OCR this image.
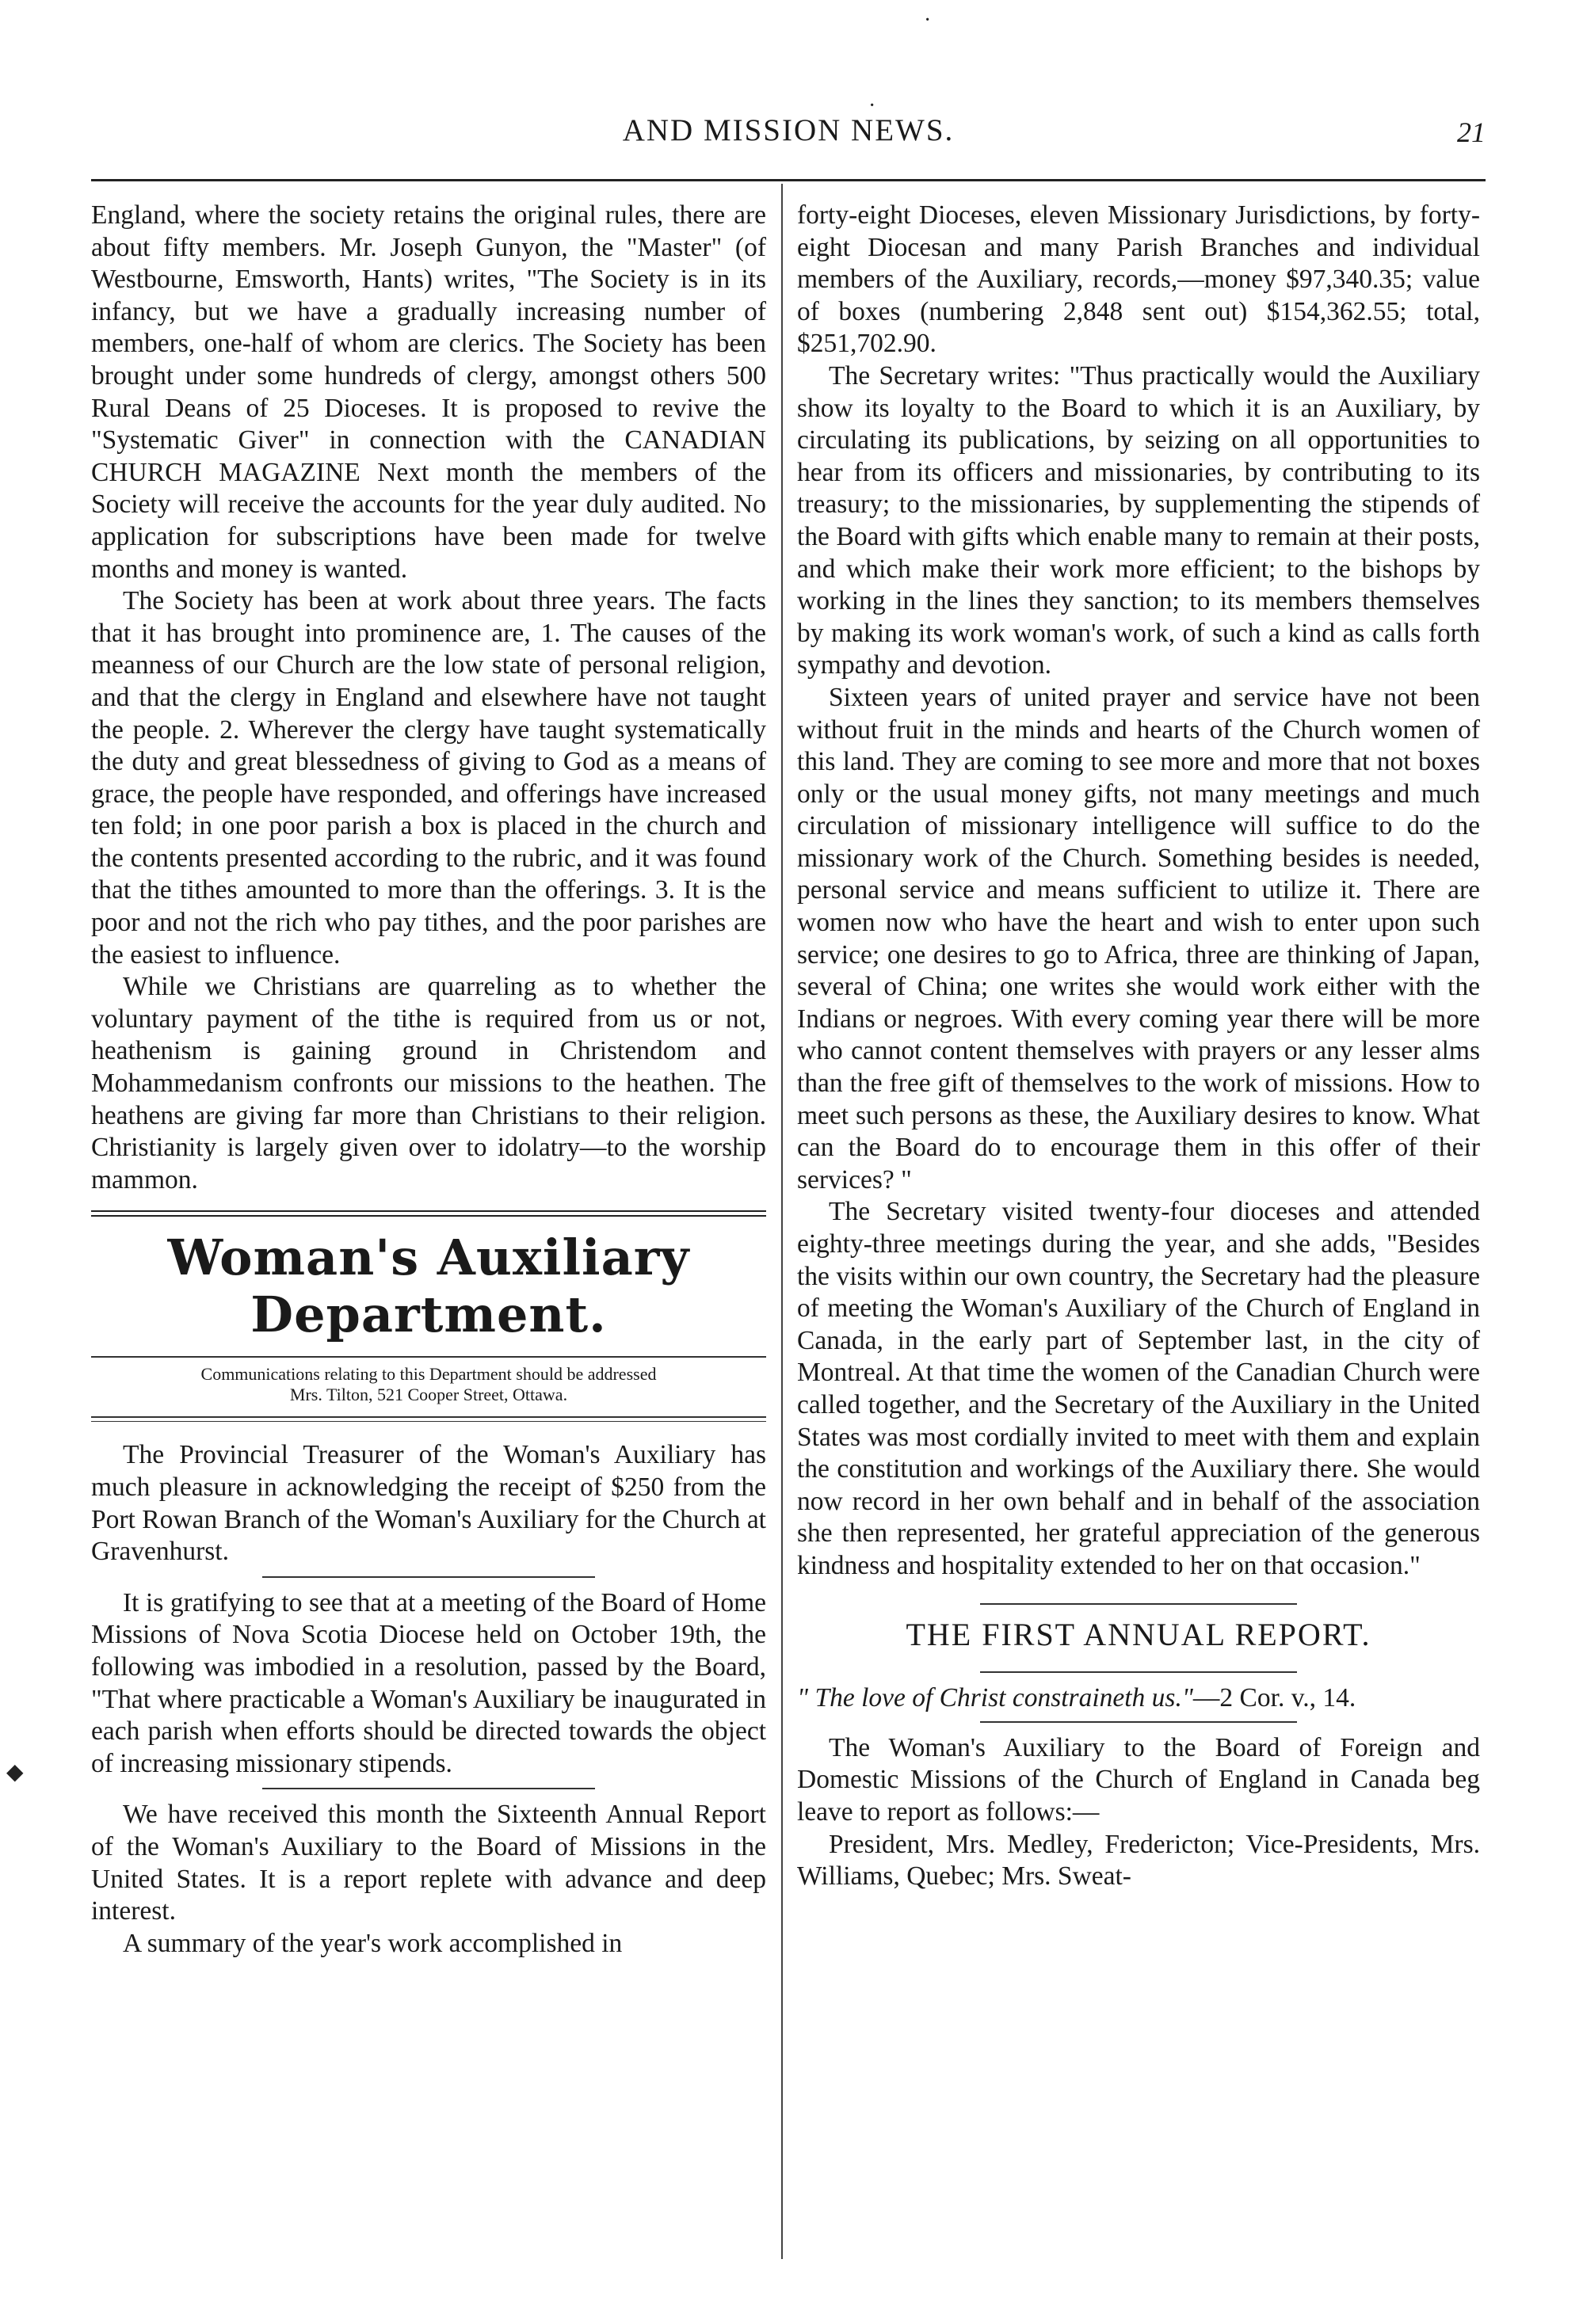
AND MISSION NEWS.	21

England, where the society retains the original rules, there are about fifty members. Mr. Joseph Gunyon, the "Master" (of Westbourne, Emsworth, Hants) writes, "The Society is in its infancy, but we have a gradually increasing number of members, one-half of whom are clerics. The Society has been brought under some hundreds of clergy, amongst others 500 Rural Deans of 25 Dioceses. It is proposed to revive the "Systematic Giver" in connection with the CANADIAN CHURCH MAGAZINE Next month the members of the Society will receive the accounts for the year duly audited. No application for subscriptions have been made for twelve months and money is wanted.

The Society has been at work about three years. The facts that it has brought into prominence are, 1. The causes of the meanness of our Church are the low state of personal religion, and that the clergy in England and elsewhere have not taught the people. 2. Wherever the clergy have taught systematically the duty and great blessedness of giving to God as a means of grace, the people have responded, and offerings have increased ten fold; in one poor parish a box is placed in the church and the contents presented according to the rubric, and it was found that the tithes amounted to more than the offerings. 3. It is the poor and not the rich who pay tithes, and the poor parishes are the easiest to influence.

While we Christians are quarreling as to whether the voluntary payment of the tithe is required from us or not, heathenism is gaining ground in Christendom and Mohammedanism confronts our missions to the heathen. The heathens are giving far more than Christians to their religion. Christianity is largely given over to idolatry—to the worship mammon.

Woman's Auxiliary Department.
Communications relating to this Department should be addressed
Mrs. Tilton, 521 Cooper Street, Ottawa.

The Provincial Treasurer of the Woman's Auxiliary has much pleasure in acknowledging the receipt of $250 from the Port Rowan Branch of the Woman's Auxiliary for the Church at Gravenhurst.

It is gratifying to see that at a meeting of the Board of Home Missions of Nova Scotia Diocese held on October 19th, the following was imbodied in a resolution, passed by the Board, "That where practicable a Woman's Auxiliary be inaugurated in each parish when efforts should be directed towards the object of increasing missionary stipends.

We have received this month the Sixteenth Annual Report of the Woman's Auxiliary to the Board of Missions in the United States. It is a report replete with advance and deep interest.

A summary of the year's work accomplished in

forty-eight Dioceses, eleven Missionary Jurisdictions, by forty-eight Diocesan and many Parish Branches and individual members of the Auxiliary, records,—money $97,340.35; value of boxes (numbering 2,848 sent out) $154,362.55; total, $251,702.90.

The Secretary writes: "Thus practically would the Auxiliary show its loyalty to the Board to which it is an Auxiliary, by circulating its publications, by seizing on all opportunities to hear from its officers and missionaries, by contributing to its treasury; to the missionaries, by supplementing the stipends of the Board with gifts which enable many to remain at their posts, and which make their work more efficient; to the bishops by working in the lines they sanction; to its members themselves by making its work woman's work, of such a kind as calls forth sympathy and devotion.

Sixteen years of united prayer and service have not been without fruit in the minds and hearts of the Church women of this land. They are coming to see more and more that not boxes only or the usual money gifts, not many meetings and much circulation of missionary intelligence will suffice to do the missionary work of the Church. Something besides is needed, personal service and means sufficient to utilize it. There are women now who have the heart and wish to enter upon such service; one desires to go to Africa, three are thinking of Japan, several of China; one writes she would work either with the Indians or negroes. With every coming year there will be more who cannot content themselves with prayers or any lesser alms than the free gift of themselves to the work of missions. How to meet such persons as these, the Auxiliary desires to know. What can the Board do to encourage them in this offer of their services? "

The Secretary visited twenty-four dioceses and attended eighty-three meetings during the year, and she adds, "Besides the visits within our own country, the Secretary had the pleasure of meeting the Woman's Auxiliary of the Church of England in Canada, in the early part of September last, in the city of Montreal. At that time the women of the Canadian Church were called together, and the Secretary of the Auxiliary in the United States was most cordially invited to meet with them and explain the constitution and workings of the Auxiliary there. She would now record in her own behalf and in behalf of the association she then represented, her grateful appreciation of the generous kindness and hospitality extended to her on that occasion."

THE FIRST ANNUAL REPORT.

" The love of Christ constraineth us."—2 Cor. v., 14.

The Woman's Auxiliary to the Board of Foreign and Domestic Missions of the Church of England in Canada beg leave to report as follows:—

President, Mrs. Medley, Fredericton; Vice-Presidents, Mrs. Williams, Quebec; Mrs. Sweat-

·
·
◆
